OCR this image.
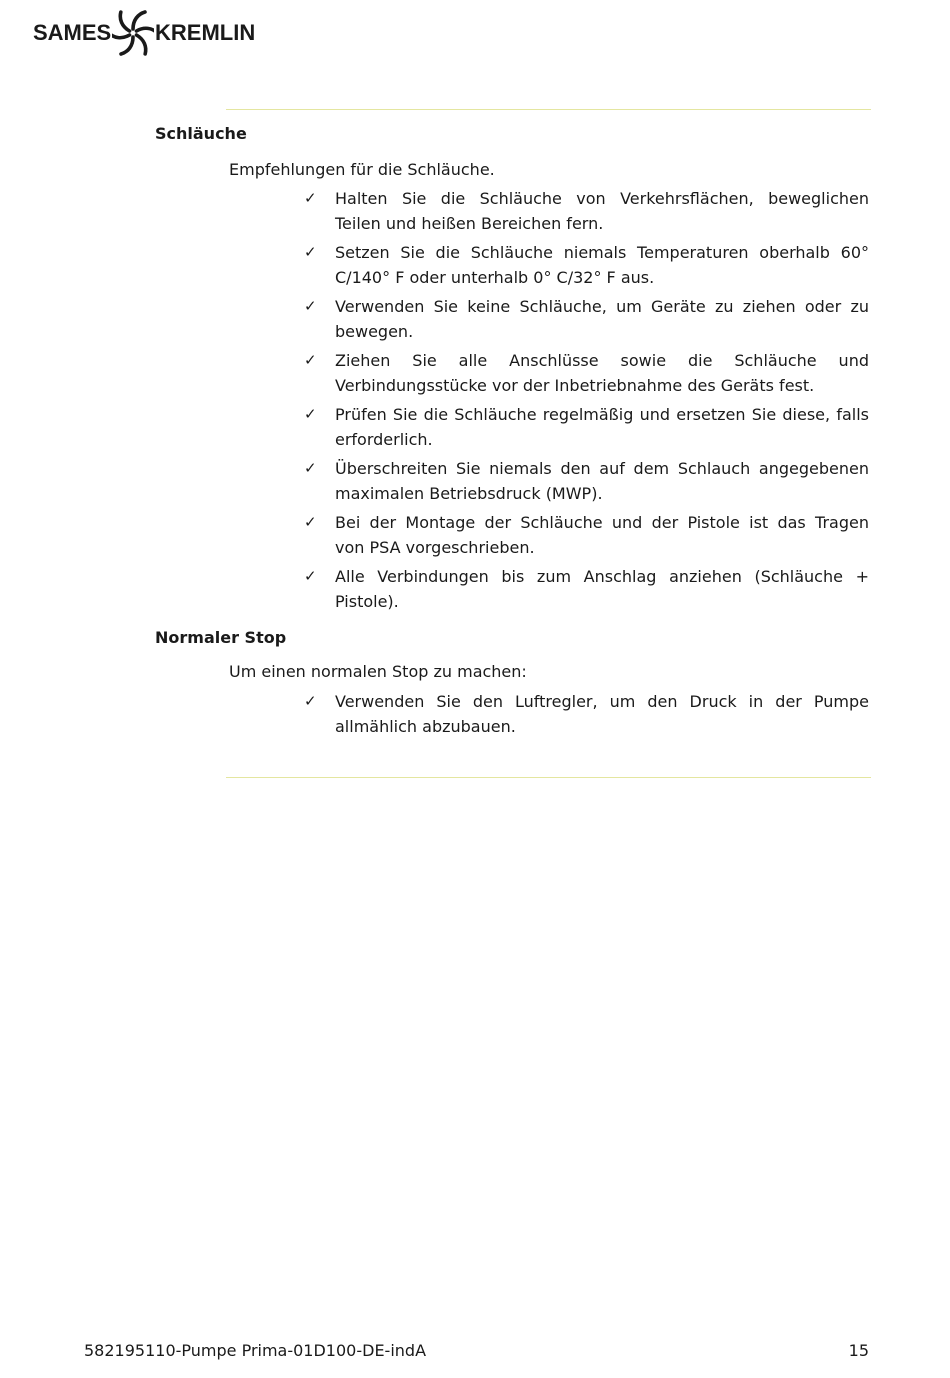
SAMES KREMLIN
Schläuche
Empfehlungen für die Schläuche.
✓
Halten Sie die Schläuche von Verkehrsflächen, beweglichen
Teilen und heißen Bereichen fern.
✓
Setzen Sie die Schläuche niemals Temperaturen oberhalb 60°
C/140° F oder unterhalb 0° C/32° F aus.
✓
Verwenden Sie keine Schläuche, um Geräte zu ziehen oder zu
bewegen.
✓
Ziehen Sie alle Anschlüsse sowie die Schläuche und
Verbindungsstücke vor der Inbetriebnahme des Geräts fest.
✓
Prüfen Sie die Schläuche regelmäßig und ersetzen Sie diese, falls
erforderlich.
✓
Überschreiten Sie niemals den auf dem Schlauch angegebenen
maximalen Betriebsdruck (MWP).
✓
Bei der Montage der Schläuche und der Pistole ist das Tragen
von PSA vorgeschrieben.
✓
Alle Verbindungen bis zum Anschlag anziehen (Schläuche +
Pistole).
Normaler Stop
Um einen normalen Stop zu machen:
✓
Verwenden Sie den Luftregler, um den Druck in der Pumpe
allmählich abzubauen.
582195110-Pumpe Prima-01D100-DE-indA	15
